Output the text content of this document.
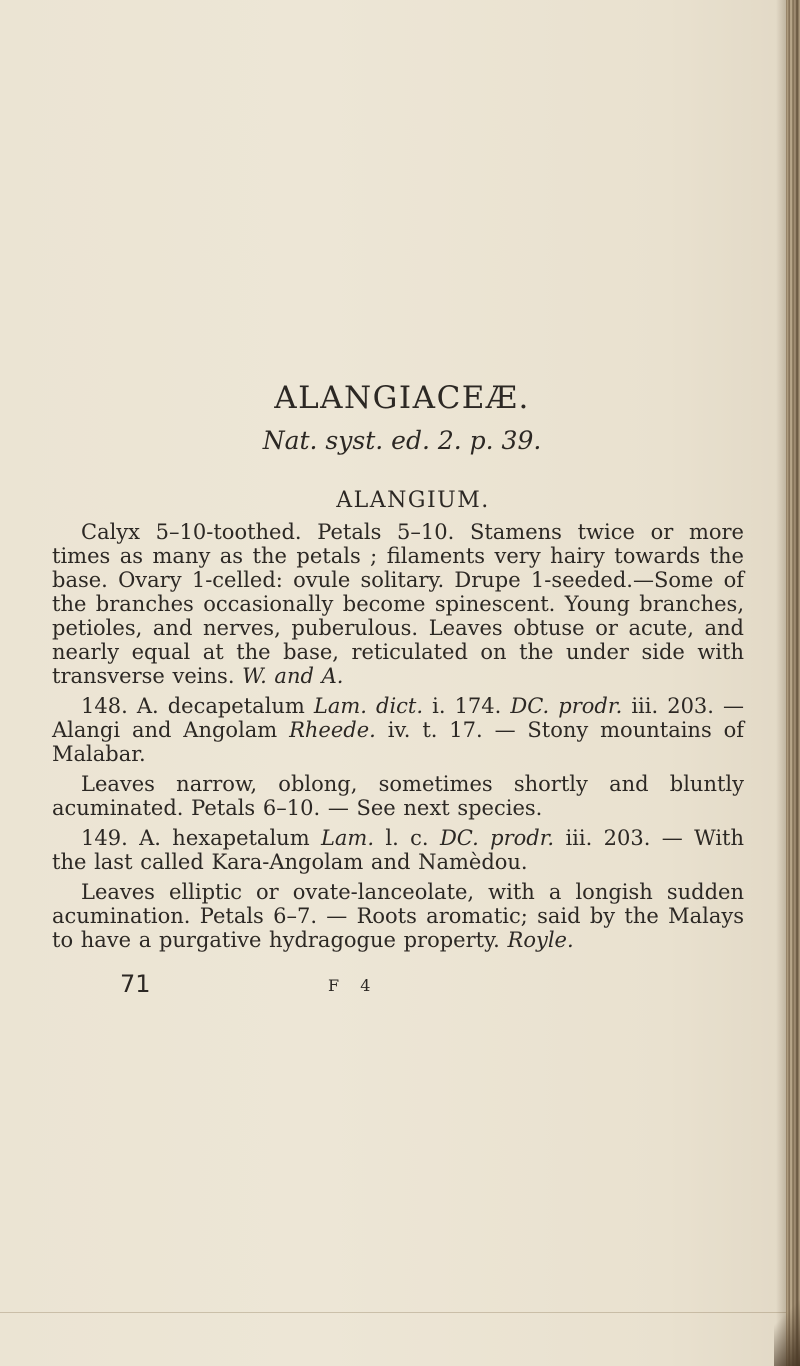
ALANGIACEÆ.

Nat. syst. ed. 2. p. 39.

ALANGIUM.

Calyx 5–10-toothed. Petals 5–10. Stamens twice or more times as many as the petals ; filaments very hairy towards the base. Ovary 1-celled: ovule solitary. Drupe 1-seeded.—Some of the branches occasionally become spinescent. Young branches, petioles, and nerves, puberulous. Leaves obtuse or acute, and nearly equal at the base, reticulated on the under side with transverse veins. W. and A.

148. A. decapetalum Lam. dict. i. 174. DC. prodr. iii. 203. — Alangi and Angolam Rheede. iv. t. 17. — Stony mountains of Malabar.

Leaves narrow, oblong, sometimes shortly and bluntly acuminated. Petals 6–10. — See next species.

149. A. hexapetalum Lam. l. c. DC. prodr. iii. 203. — With the last called Kara-Angolam and Namèdou.

Leaves elliptic or ovate-lanceolate, with a longish sudden acumination. Petals 6–7. — Roots aromatic; said by the Malays to have a purgative hydragogue property. Royle.

71	F 4
